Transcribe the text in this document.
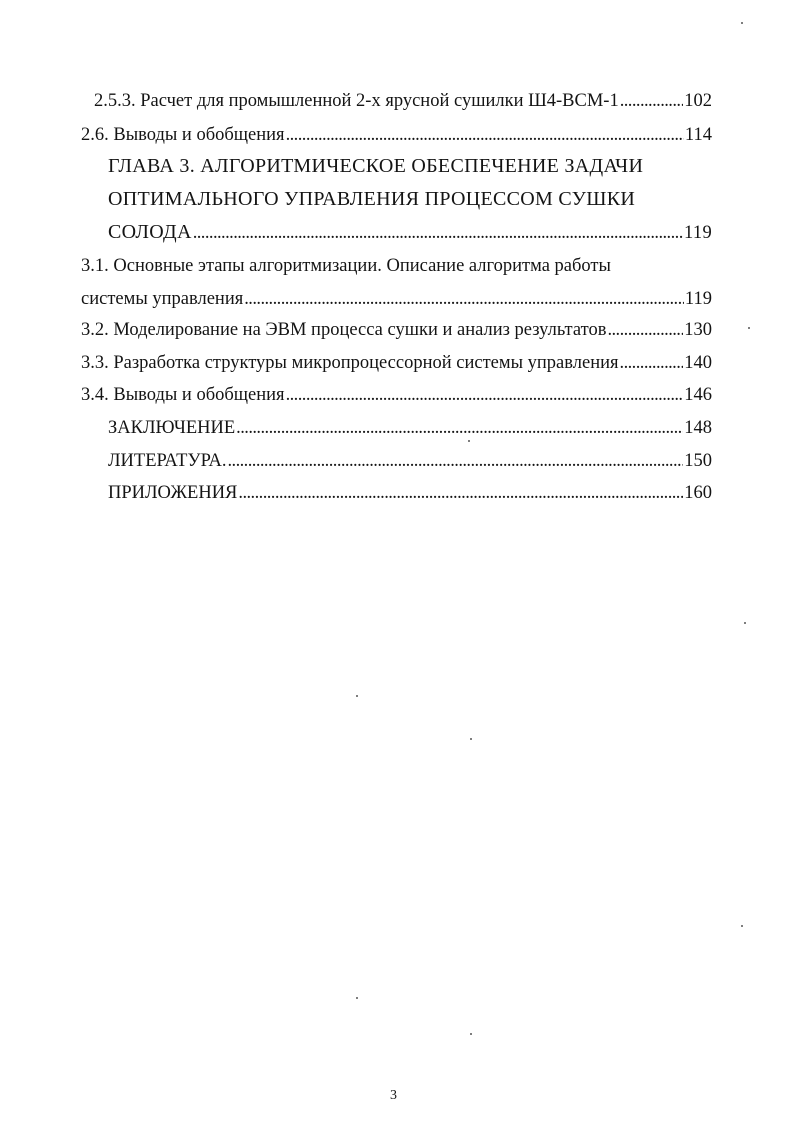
2.5.3. Расчет для промышленной 2-х ярусной сушилки Ш4-ВСМ-1 . . .	102
2.6. Выводы и обобщения . . .	114
ГЛАВА 3. АЛГОРИТМИЧЕСКОЕ ОБЕСПЕЧЕНИЕ ЗАДАЧИ
ОПТИМАЛЬНОГО УПРАВЛЕНИЯ ПРОЦЕССОМ СУШКИ
СОЛОДА . . .	119
3.1. Основные этапы алгоритмизации. Описание алгоритма работы
системы управления . . .	119
3.2. Моделирование на ЭВМ процесса сушки и анализ результатов . . .	130
3.3. Разработка структуры микропроцессорной системы управления . . .	140
3.4. Выводы и обобщения . . .	146
ЗАКЛЮЧЕНИЕ . . .	148
ЛИТЕРАТУРА. . . .	150
ПРИЛОЖЕНИЯ . . .	160
3
